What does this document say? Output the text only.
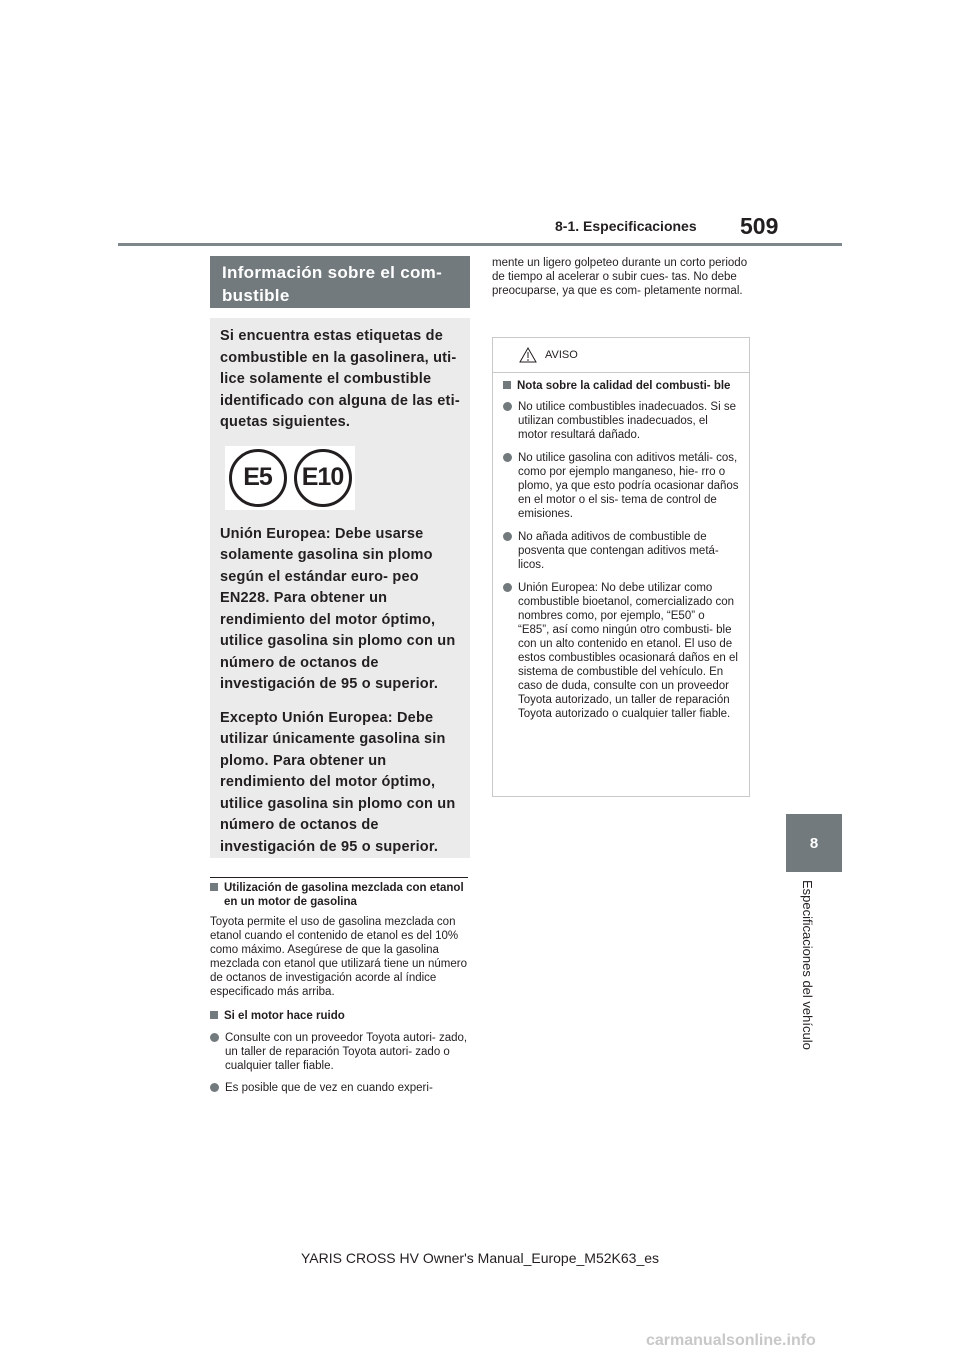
8-1. Especificaciones 509
8
Especificaciones del vehículo
Información sobre el com- bustible

Si encuentra estas etiquetas de combustible en la gasolinera, uti- lice solamente el combustible identificado con alguna de las eti- quetas siguientes.

E5	E10

Unión Europea: Debe usarse solamente gasolina sin plomo según el estándar euro- peo EN228. Para obtener un rendimiento del motor óptimo, utilice gasolina sin plomo con un número de octanos de investigación de 95 o superior.

Excepto Unión Europea: Debe utilizar únicamente gasolina sin plomo. Para obtener un rendimiento del motor óptimo, utilice gasolina sin plomo con un número de octanos de investigación de 95 o superior.

Utilización de gasolina mezclada con etanol en un motor de gasolina

Toyota permite el uso de gasolina mezclada con etanol cuando el contenido de etanol es del 10% como máximo. Asegúrese de que la gasolina mezclada con etanol que utilizará tiene un número de octanos de investigación acorde al índice especificado más arriba.

Si el motor hace ruido
Consulte con un proveedor Toyota autori- zado, un taller de reparación Toyota autori- zado o cualquier taller fiable.
Es posible que de vez en cuando experi-
mente un ligero golpeteo durante un corto periodo de tiempo al acelerar o subir cues- tas. No debe preocuparse, ya que es com- pletamente normal.
AVISO
Nota sobre la calidad del combusti- ble
No utilice combustibles inadecuados. Si se utilizan combustibles inadecuados, el motor resultará dañado.
No utilice gasolina con aditivos metáli- cos, como por ejemplo manganeso, hie- rro o plomo, ya que esto podría ocasionar daños en el motor o el sis- tema de control de emisiones.
No añada aditivos de combustible de posventa que contengan aditivos metá- licos.
Unión Europea: No debe utilizar como combustible bioetanol, comercializado con nombres como, por ejemplo, “E50” o “E85”, así como ningún otro combusti- ble con un alto contenido en etanol. El uso de estos combustibles ocasionará daños en el sistema de combustible del vehículo. En caso de duda, consulte con un proveedor Toyota autorizado, un taller de reparación Toyota autorizado o cualquier taller fiable.
YARIS CROSS HV Owner's Manual_Europe_M52K63_es
carmanualsonline.info
